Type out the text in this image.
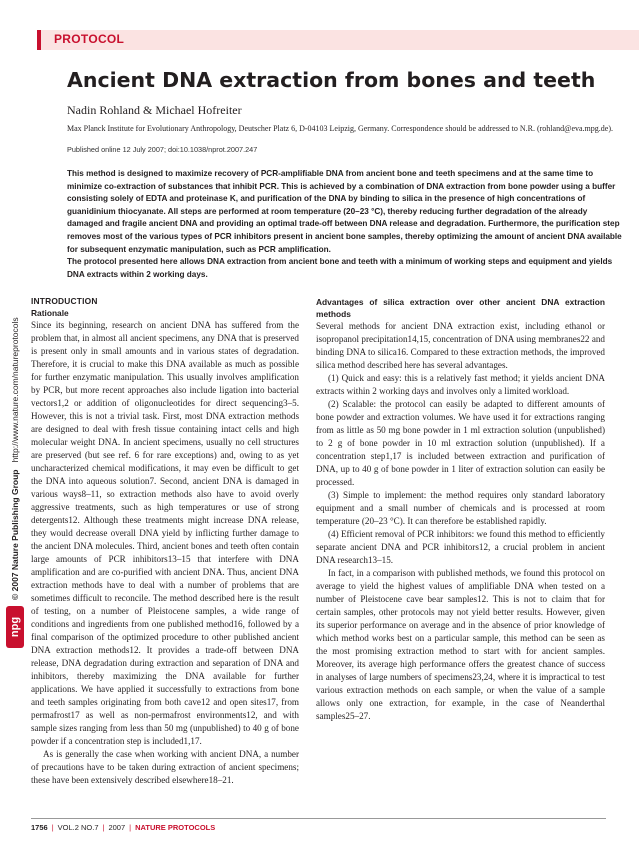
PROTOCOL
© 2007 Nature Publishing Group   http://www.nature.com/natureprotocols
npg
Ancient DNA extraction from bones and teeth
Nadin Rohland & Michael Hofreiter
Max Planck Institute for Evolutionary Anthropology, Deutscher Platz 6, D-04103 Leipzig, Germany. Correspondence should be addressed to N.R. (rohland@eva.mpg.de).
Published online 12 July 2007; doi:10.1038/nprot.2007.247

This method is designed to maximize recovery of PCR-amplifiable DNA from ancient bone and teeth specimens and at the same time to minimize co-extraction of substances that inhibit PCR. This is achieved by a combination of DNA extraction from bone powder using a buffer consisting solely of EDTA and proteinase K, and purification of the DNA by binding to silica in the presence of high concentrations of guanidinium thiocyanate. All steps are performed at room temperature (20–23 °C), thereby reducing further degradation of the already damaged and fragile ancient DNA and providing an optimal trade-off between DNA release and degradation. Furthermore, the purification step removes most of the various types of PCR inhibitors present in ancient bone samples, thereby optimizing the amount of ancient DNA available for subsequent enzymatic manipulation, such as PCR amplification.

The protocol presented here allows DNA extraction from ancient bone and teeth with a minimum of working steps and equipment and yields DNA extracts within 2 working days.

INTRODUCTION
Rationale

Since its beginning, research on ancient DNA has suffered from the problem that, in almost all ancient specimens, any DNA that is preserved is present only in small amounts and in various states of degradation. Therefore, it is crucial to make this DNA available as much as possible for further enzymatic manipulation. This usually involves amplification by PCR, but more recent approaches also include ligation into bacterial vectors1,2 or addition of oligonucleotides for direct sequencing3–5. However, this is not a trivial task. First, most DNA extraction methods are designed to deal with fresh tissue containing intact cells and high molecular weight DNA. In ancient specimens, usually no cell structures are preserved (but see ref. 6 for rare exceptions) and, owing to as yet uncharacterized chemical modifications, it may even be difficult to get the DNA into aqueous solution7. Second, ancient DNA is damaged in various ways8–11, so extraction methods also have to avoid overly aggressive treatments, such as high temperatures or use of strong detergents12. Although these treatments might increase DNA release, they would decrease overall DNA yield by inflicting further damage to the ancient DNA molecules. Third, ancient bones and teeth often contain large amounts of PCR inhibitors13–15 that interfere with DNA amplification and are co-purified with ancient DNA. Thus, ancient DNA extraction methods have to deal with a number of problems that are sometimes difficult to reconcile. The method described here is the result of testing, on a number of Pleistocene samples, a wide range of conditions and ingredients from one published method16, followed by a final comparison of the optimized procedure to other published ancient DNA extraction methods12. It provides a trade-off between DNA release, DNA degradation during extraction and separation of DNA and inhibitors, thereby maximizing the DNA available for further applications. We have applied it successfully to extractions from bone and teeth samples originating from both cave12 and open sites17, from permafrost17 as well as non-permafrost environments12, and with sample sizes ranging from less than 50 mg (unpublished) to 40 g of bone powder if a concentration step is included1,17.

As is generally the case when working with ancient DNA, a number of precautions have to be taken during extraction of ancient specimens; these have been extensively described elsewhere18–21.

Advantages of silica extraction over other ancient DNA extraction methods

Several methods for ancient DNA extraction exist, including ethanol or isopropanol precipitation14,15, concentration of DNA using membranes22 and binding DNA to silica16. Compared to these extraction methods, the improved silica method described here has several advantages.

(1) Quick and easy: this is a relatively fast method; it yields ancient DNA extracts within 2 working days and involves only a limited workload.

(2) Scalable: the protocol can easily be adapted to different amounts of bone powder and extraction volumes. We have used it for extractions ranging from as little as 50 mg bone powder in 1 ml extraction solution (unpublished) to 2 g of bone powder in 10 ml extraction solution (unpublished). If a concentration step1,17 is included between extraction and purification of DNA, up to 40 g of bone powder in 1 liter of extraction solution can easily be processed.

(3) Simple to implement: the method requires only standard laboratory equipment and a small number of chemicals and is processed at room temperature (20–23 °C). It can therefore be established rapidly.

(4) Efficient removal of PCR inhibitors: we found this method to efficiently separate ancient DNA and PCR inhibitors12, a crucial problem in ancient DNA research13–15.

In fact, in a comparison with published methods, we found this protocol on average to yield the highest values of amplifiable DNA when tested on a number of Pleistocene cave bear samples12. This is not to claim that for certain samples, other protocols may not yield better results. However, given its superior performance on average and in the absence of prior knowledge of which method works best on a particular sample, this method can be seen as the most promising extraction method to start with for ancient samples. Moreover, its average high performance offers the greatest chance of success in analyses of large numbers of specimens23,24, where it is impractical to test various extraction methods on each sample, or when the value of a sample allows only one extraction, for example, in the case of Neanderthal samples25–27.

1756 | VOL.2 NO.7 | 2007 | NATURE PROTOCOLS
